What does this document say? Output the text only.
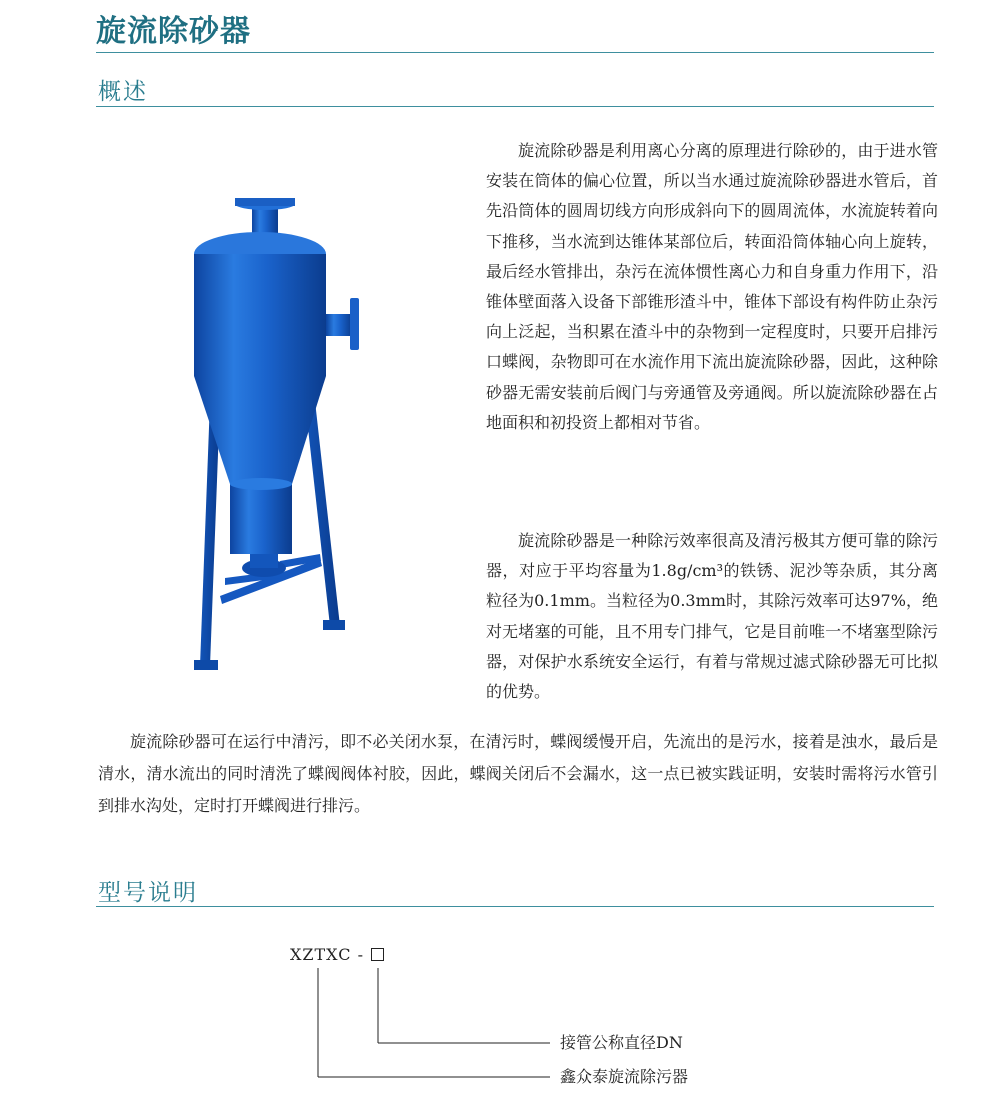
旋流除砂器
概述

旋流除砂器是利用离心分离的原理进行除砂的，由于进水管安装在筒体的偏心位置，所以当水通过旋流除砂器进水管后，首先沿筒体的圆周切线方向形成斜向下的圆周流体，水流旋转着向下推移，当水流到达锥体某部位后，转面沿筒体轴心向上旋转，最后经水管排出，杂污在流体惯性离心力和自身重力作用下，沿锥体壁面落入设备下部锥形渣斗中，锥体下部设有构件防止杂污向上泛起，当积累在渣斗中的杂物到一定程度时，只要开启排污口蝶阀，杂物即可在水流作用下流出旋流除砂器，因此，这种除砂器无需安装前后阀门与旁通管及旁通阀。所以旋流除砂器在占地面积和初投资上都相对节省。

旋流除砂器是一种除污效率很高及清污极其方便可靠的除污器，对应于平均容量为1.8g/cm³的铁锈、泥沙等杂质，其分离粒径为0.1mm。当粒径为0.3mm时，其除污效率可达97%，绝对无堵塞的可能，且不用专门排气，它是目前唯一不堵塞型除污器，对保护水系统安全运行，有着与常规过滤式除砂器无可比拟的优势。

旋流除砂器可在运行中清污，即不必关闭水泵，在清污时，蝶阀缓慢开启，先流出的是污水，接着是浊水，最后是清水，清水流出的同时清洗了蝶阀阀体衬胶，因此，蝶阀关闭后不会漏水，这一点已被实践证明，安装时需将污水管引到排水沟处，定时打开蝶阀进行排污。

型号说明
XZTXC -
接管公称直径DN
鑫众泰旋流除污器
